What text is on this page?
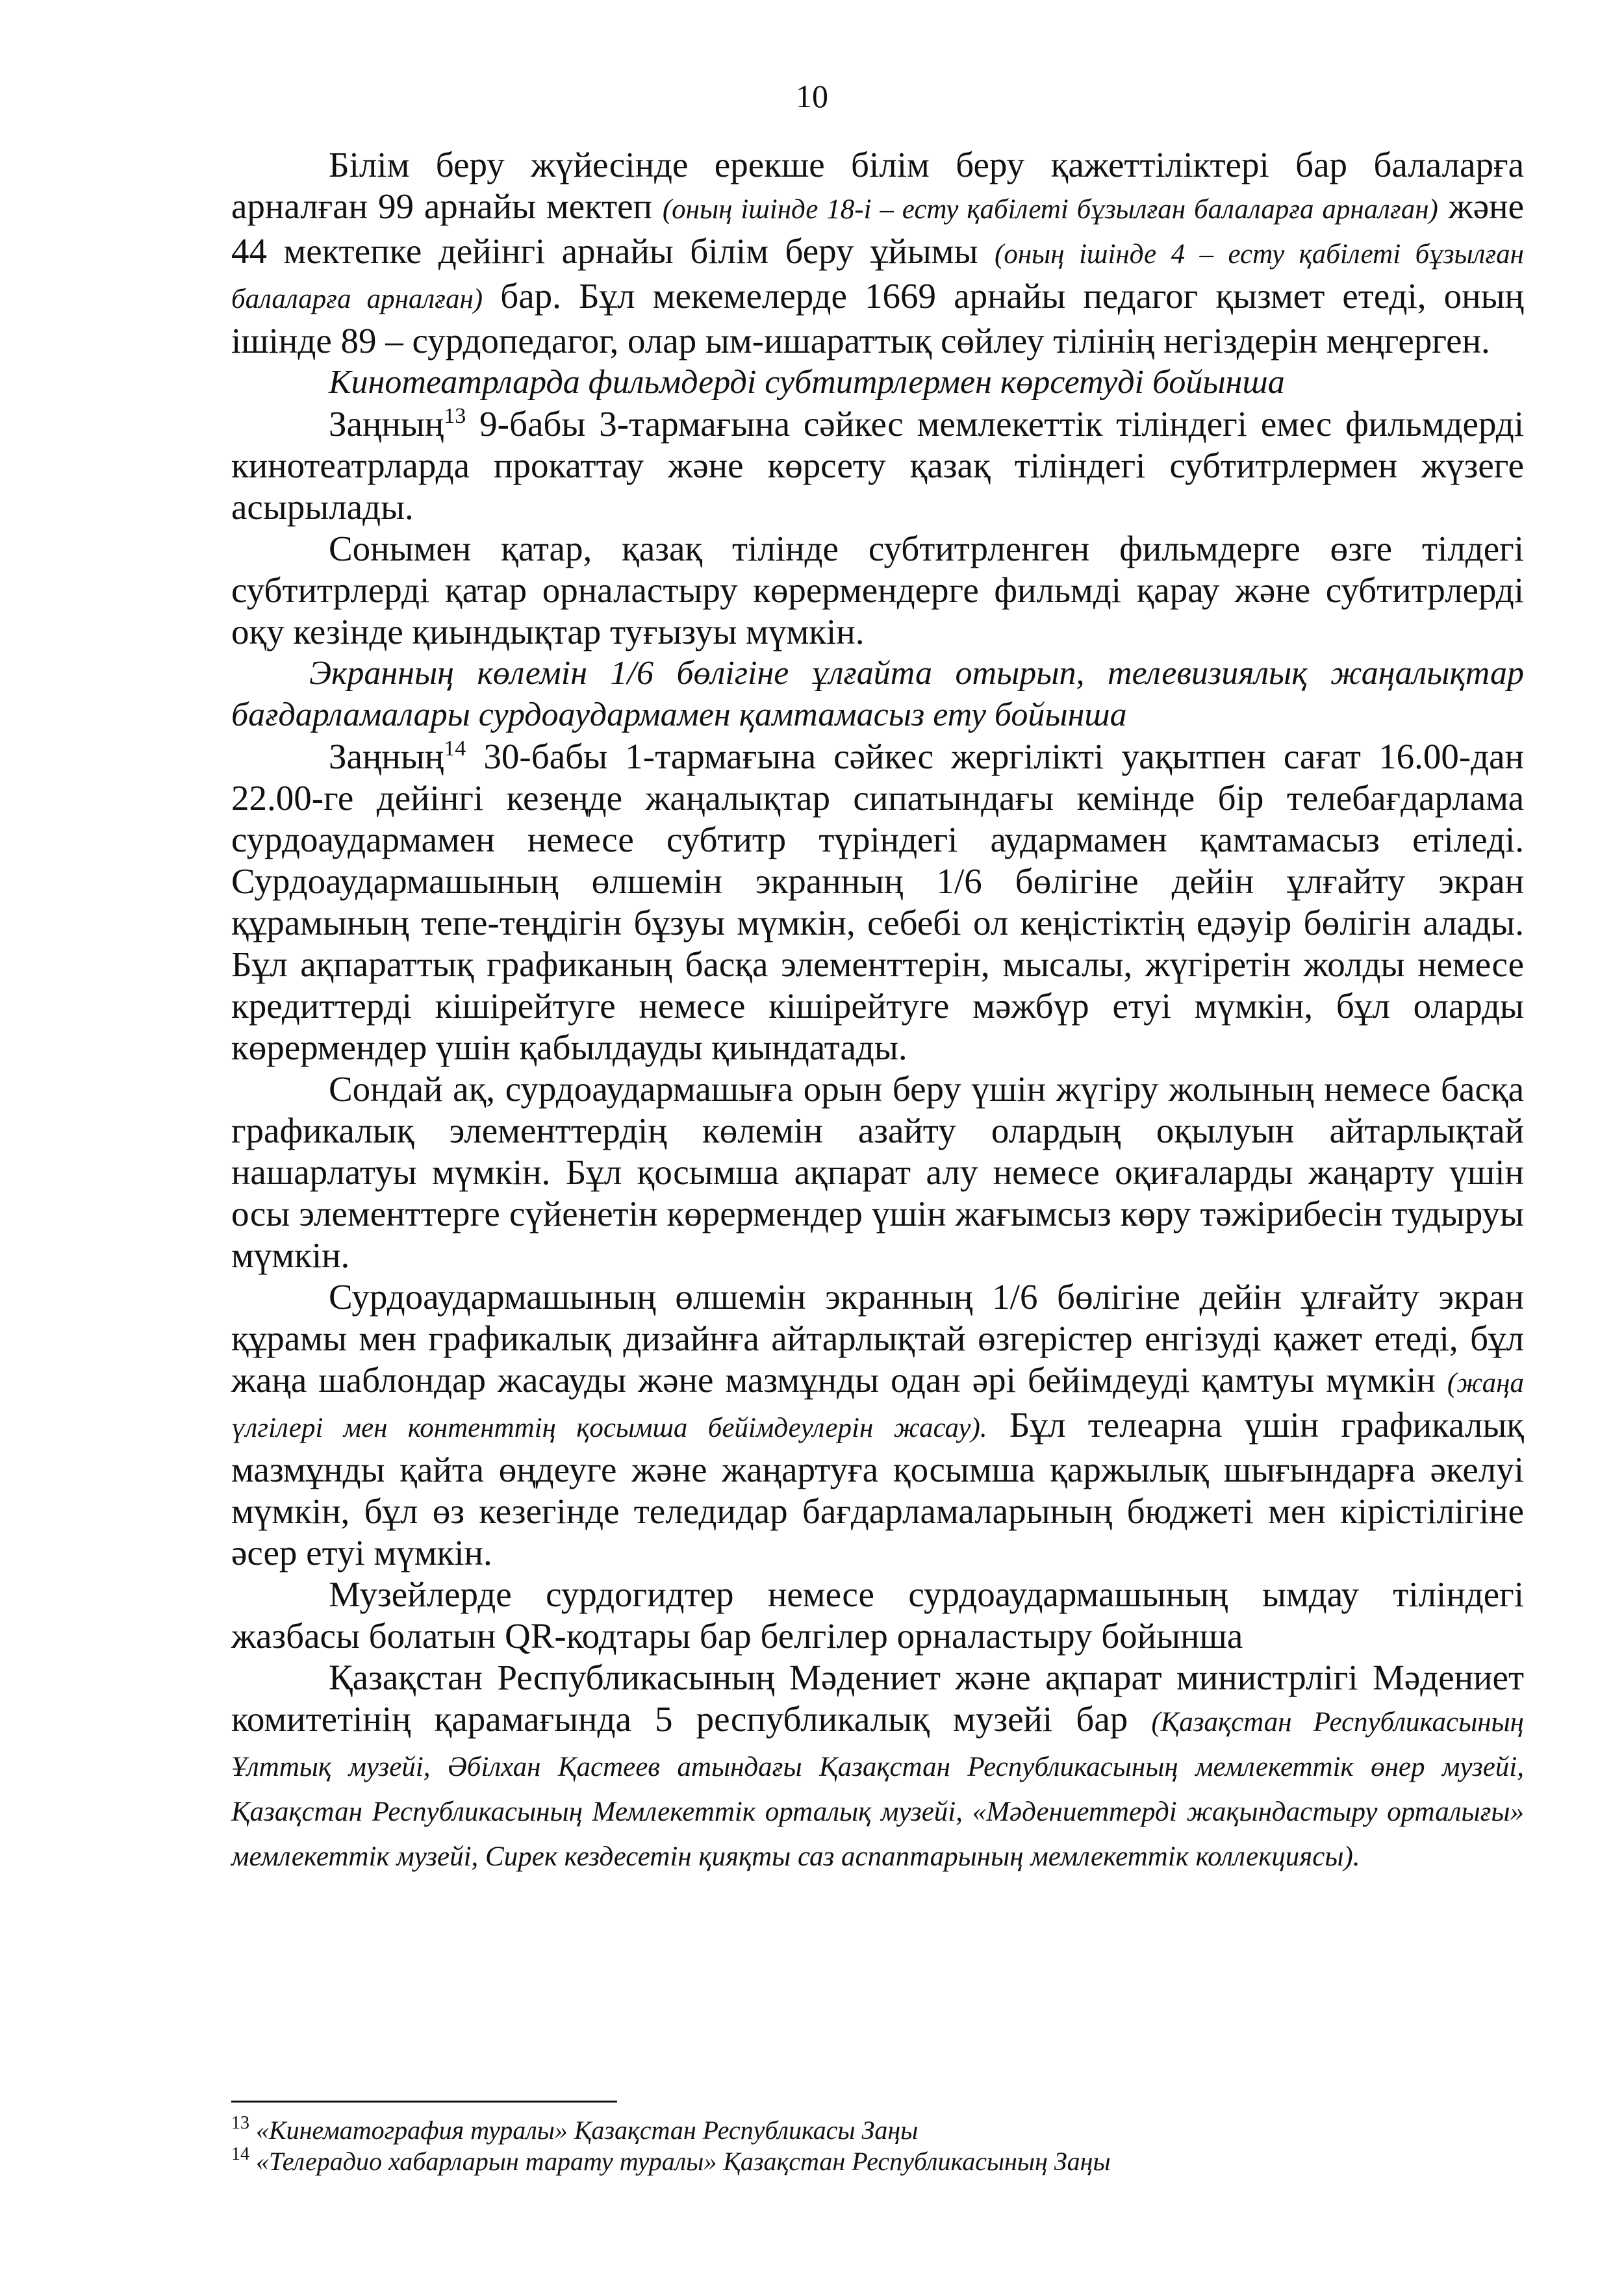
10

Білім беру жүйесінде ерекше білім беру қажеттіліктері бар балаларға арналған 99 арнайы мектеп (оның ішінде 18-і – есту қабілеті бұзылған балаларға арналған) және 44 мектепке дейінгі арнайы білім беру ұйымы (оның ішінде 4 – есту қабілеті бұзылған балаларға арналған) бар. Бұл мекемелерде 1669 арнайы педагог қызмет етеді, оның ішінде 89 – сурдопедагог, олар ым-ишараттық сөйлеу тілінің негіздерін меңгерген.

Кинотеатрларда фильмдерді субтитрлермен көрсетуді бойынша

Заңның$^{13}$ 9-бабы 3-тармағына сәйкес мемлекеттік тіліндегі емес фильмдерді кинотеатрларда прокаттау және көрсету қазақ тіліндегі субтитрлермен жүзеге асырылады.

Сонымен қатар, қазақ тілінде субтитрленген фильмдерге өзге тілдегі субтитрлерді қатар орналастыру көрермендерге фильмді қарау және субтитрлерді оқу кезінде қиындықтар туғызуы мүмкін.

Экранның көлемін 1/6 бөлігіне ұлғайта отырып, телевизиялық жаңалықтар бағдарламалары сурдоаудармамен қамтамасыз ету бойынша

Заңның$^{14}$ 30-бабы 1-тармағына сәйкес жергілікті уақытпен сағат 16.00-дан 22.00-ге дейінгі кезеңде жаңалықтар сипатындағы кемінде бір телебағдарлама сурдоаудармамен немесе субтитр түріндегі аудармамен қамтамасыз етіледі. Сурдоаудармашының өлшемін экранның 1/6 бөлігіне дейін ұлғайту экран құрамының тепе-теңдігін бұзуы мүмкін, себебі ол кеңістіктің едәуір бөлігін алады. Бұл ақпараттық графиканың басқа элементтерін, мысалы, жүгіретін жолды немесе кредиттерді кішірейтуге немесе кішірейтуге мәжбүр етуі мүмкін, бұл оларды көрермендер үшін қабылдауды қиындатады.

Сондай ақ, сурдоаудармашыға орын беру үшін жүгіру жолының немесе басқа графикалық элементтердің көлемін азайту олардың оқылуын айтарлықтай нашарлатуы мүмкін. Бұл қосымша ақпарат алу немесе оқиғаларды жаңарту үшін осы элементтерге сүйенетін көрермендер үшін жағымсыз көру тәжірибесін тудыруы мүмкін.

Сурдоаудармашының өлшемін экранның 1/6 бөлігіне дейін ұлғайту экран құрамы мен графикалық дизайнға айтарлықтай өзгерістер енгізуді қажет етеді, бұл жаңа шаблондар жасауды және мазмұнды одан әрі бейімдеуді қамтуы мүмкін (жаңа үлгілері мен контенттің қосымша бейімдеулерін жасау). Бұл телеарна үшін графикалық мазмұнды қайта өңдеуге және жаңартуға қосымша қаржылық шығындарға әкелуі мүмкін, бұл өз кезегінде теледидар бағдарламаларының бюджеті мен кірістілігіне әсер етуі мүмкін.

Музейлерде сурдогидтер немесе сурдоаудармашының ымдау тіліндегі жазбасы болатын QR-кодтары бар белгілер орналастыру бойынша

Қазақстан Республикасының Мәдениет және ақпарат министрлігі Мәдениет комитетінің қарамағында 5 республикалық музейі бар (Қазақстан Республикасының Ұлттық музейі, Әбілхан Қастеев атындағы Қазақстан Республикасының мемлекеттік өнер музейі, Қазақстан Республикасының Мемлекеттік орталық музейі, «Мәдениеттерді жақындастыру орталығы» мемлекеттік музейі, Сирек кездесетін қияқты саз аспаптарының мемлекеттік коллекциясы).

$^{13}$ «Кинематография туралы» Қазақстан Республикасы Заңы
$^{14}$ «Телерадио хабарларын тарату туралы» Қазақстан Республикасының Заңы
